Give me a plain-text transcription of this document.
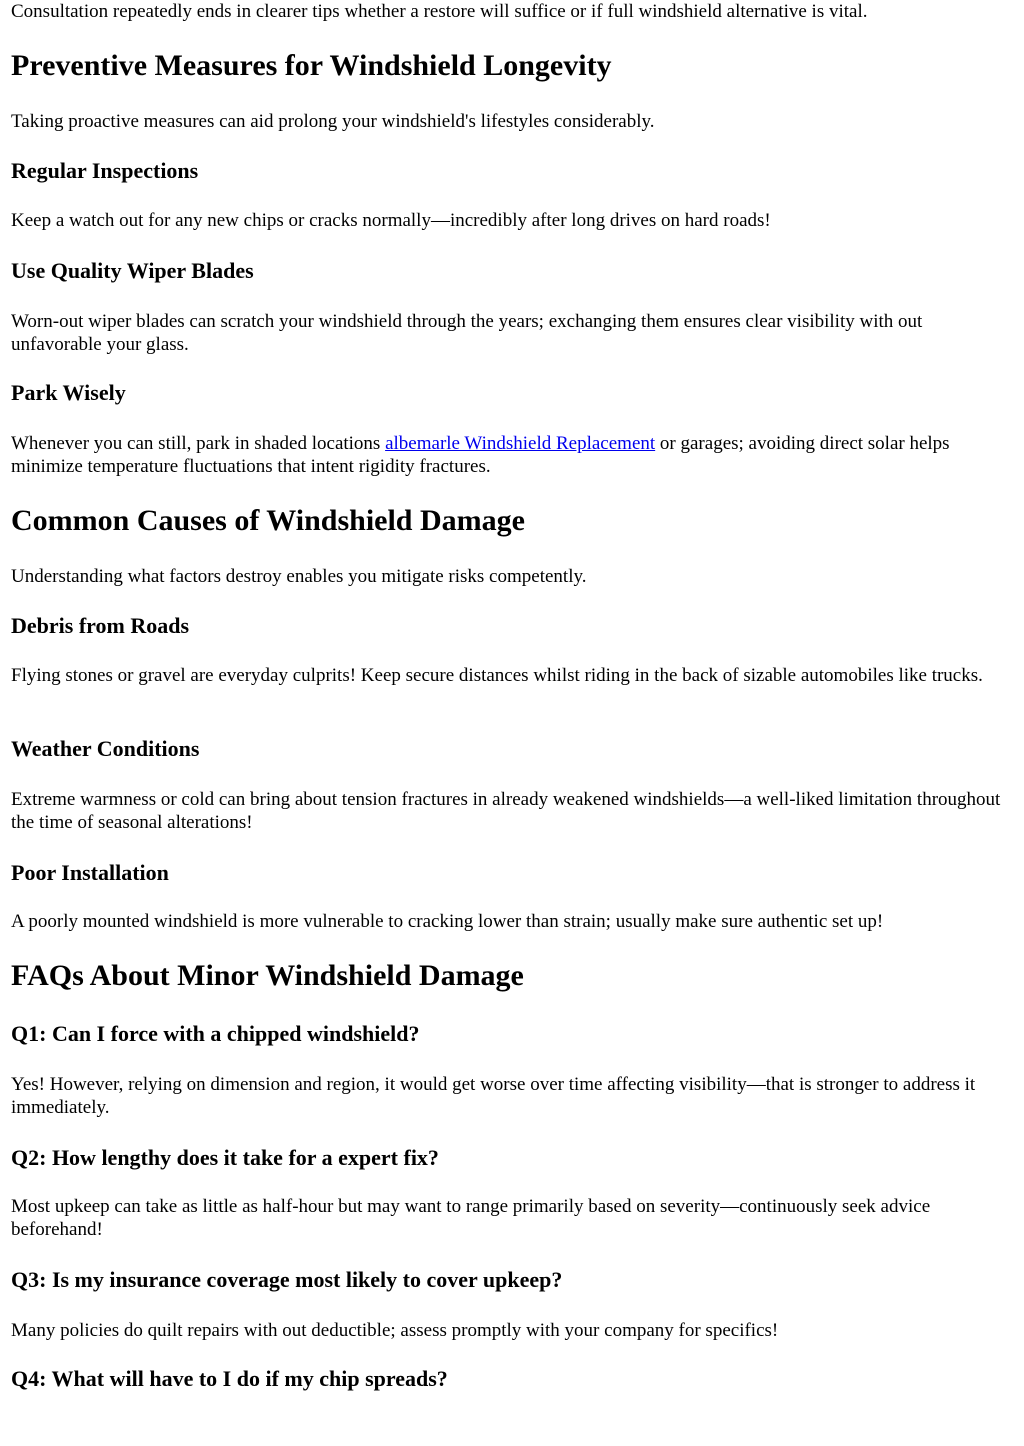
Consultation repeatedly ends in clearer tips whether a restore will suffice or if full windshield alternative is vital.

Preventive Measures for Windshield Longevity

Taking proactive measures can aid prolong your windshield's lifestyles considerably.

Regular Inspections

Keep a watch out for any new chips or cracks normally—incredibly after long drives on hard roads!

Use Quality Wiper Blades

Worn-out wiper blades can scratch your windshield through the years; exchanging them ensures clear visibility with out unfavorable your glass.

Park Wisely

Whenever you can still, park in shaded locations albemarle Windshield Replacement or garages; avoiding direct solar helps minimize temperature fluctuations that intent rigidity fractures.

Common Causes of Windshield Damage

Understanding what factors destroy enables you mitigate risks competently.

Debris from Roads

Flying stones or gravel are everyday culprits! Keep secure distances whilst riding in the back of sizable automobiles like trucks.

Weather Conditions

Extreme warmness or cold can bring about tension fractures in already weakened windshields—a well-liked limitation throughout the time of seasonal alterations!

Poor Installation

A poorly mounted windshield is more vulnerable to cracking lower than strain; usually make sure authentic set up!

FAQs About Minor Windshield Damage
Q1: Can I force with a chipped windshield?

Yes! However, relying on dimension and region, it would get worse over time affecting visibility—that is stronger to address it immediately.

Q2: How lengthy does it take for a expert fix?

Most upkeep can take as little as half-hour but may want to range primarily based on severity—continuously seek advice beforehand!

Q3: Is my insurance coverage most likely to cover upkeep?

Many policies do quilt repairs with out deductible; assess promptly with your company for specifics!

Q4: What will have to I do if my chip spreads?
